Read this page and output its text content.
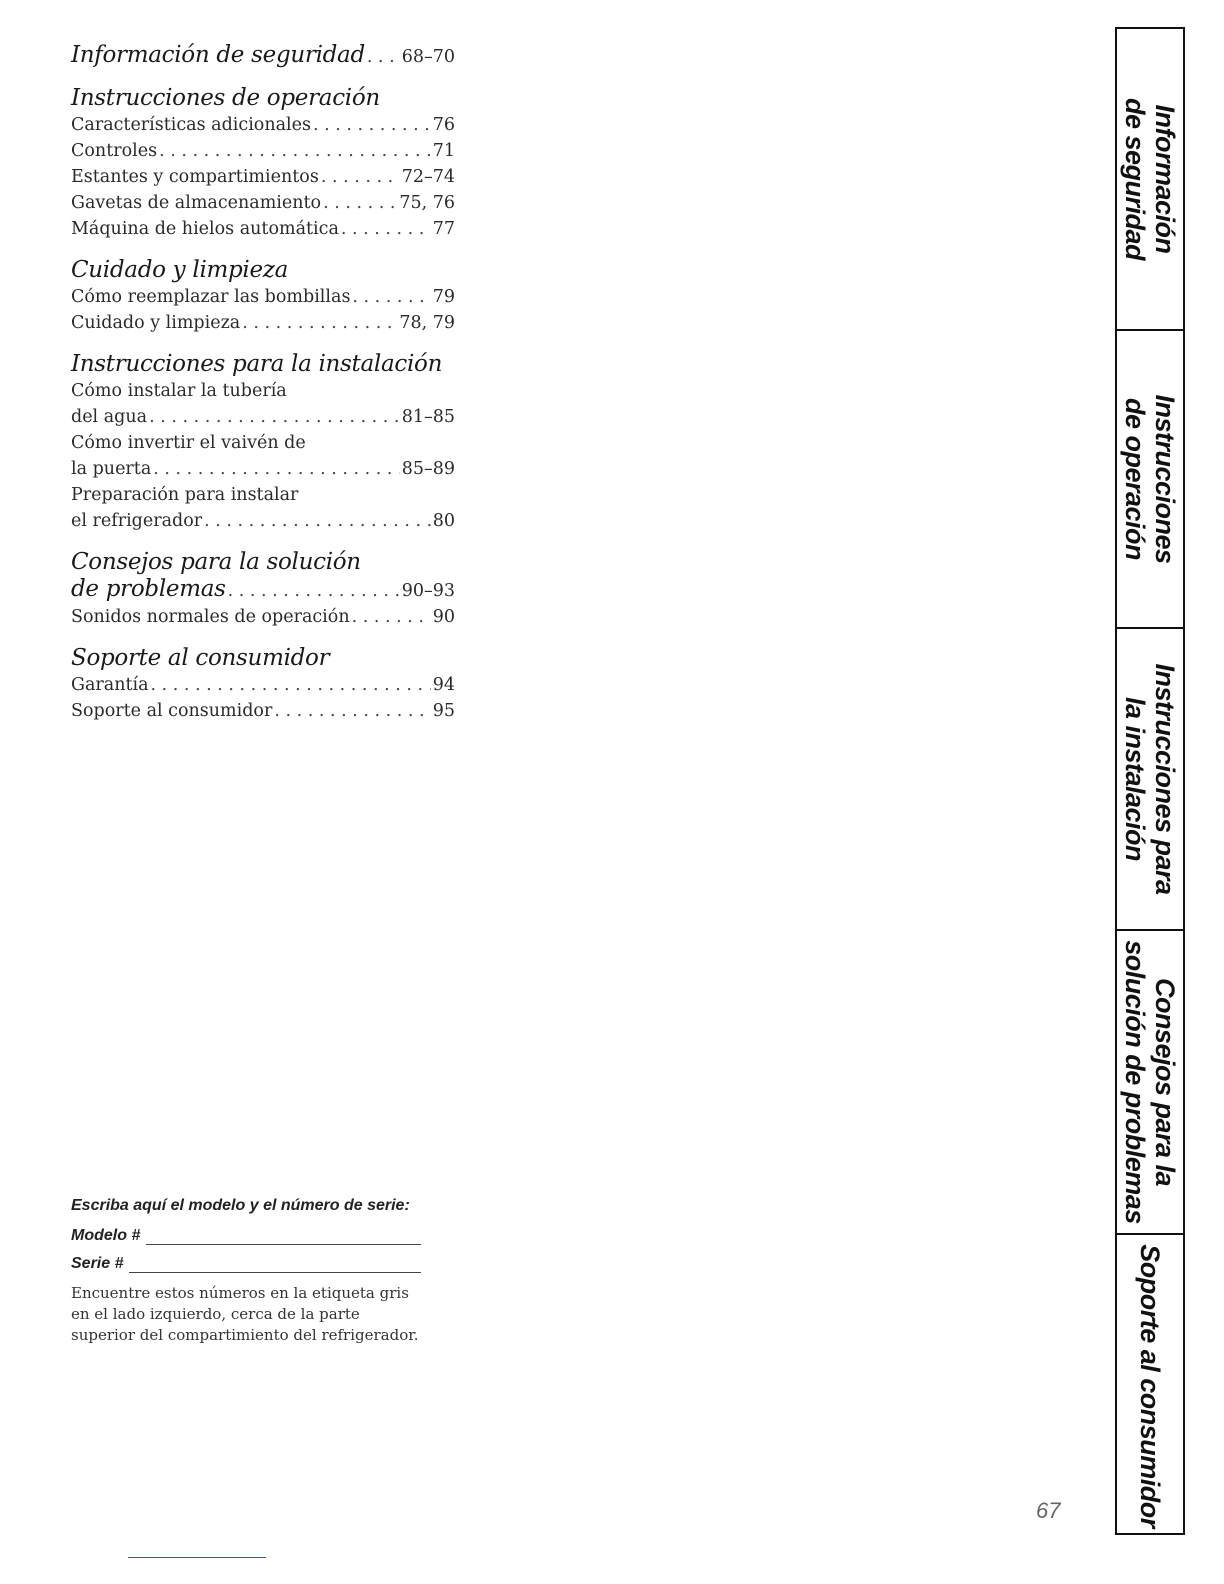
Información de seguridad . . . 68–70
Instrucciones de operación
Características adicionales . . .	76
Controles . . .	71
Estantes y compartimientos . . .	72–74
Gavetas de almacenamiento . . .	75, 76
Máquina de hielos automática . . .	77
Cuidado y limpieza
Cómo reemplazar las bombillas . . .	79
Cuidado y limpieza . . .	78, 79
Instrucciones para la instalación
Cómo instalar la tubería
del agua . . .	81–85
Cómo invertir el vaivén de
la puerta . . .	85–89
Preparación para instalar
el refrigerador . . .	80
Consejos para la solución
de problemas . . .	90–93
Sonidos normales de operación . . .	90
Soporte al consumidor
Garantía . . .	94
Soporte al consumidor . . .	95
Escriba aquí el modelo y el número de serie:
Modelo #
Serie #
Encuentre estos números en la etiqueta gris en el lado izquierdo, cerca de la parte superior del compartimiento del refrigerador.
67
Información
de seguridad
Instrucciones
de operación
Instrucciones para
la instalación
Consejos para la
solución de problemas
Soporte al consumidor
